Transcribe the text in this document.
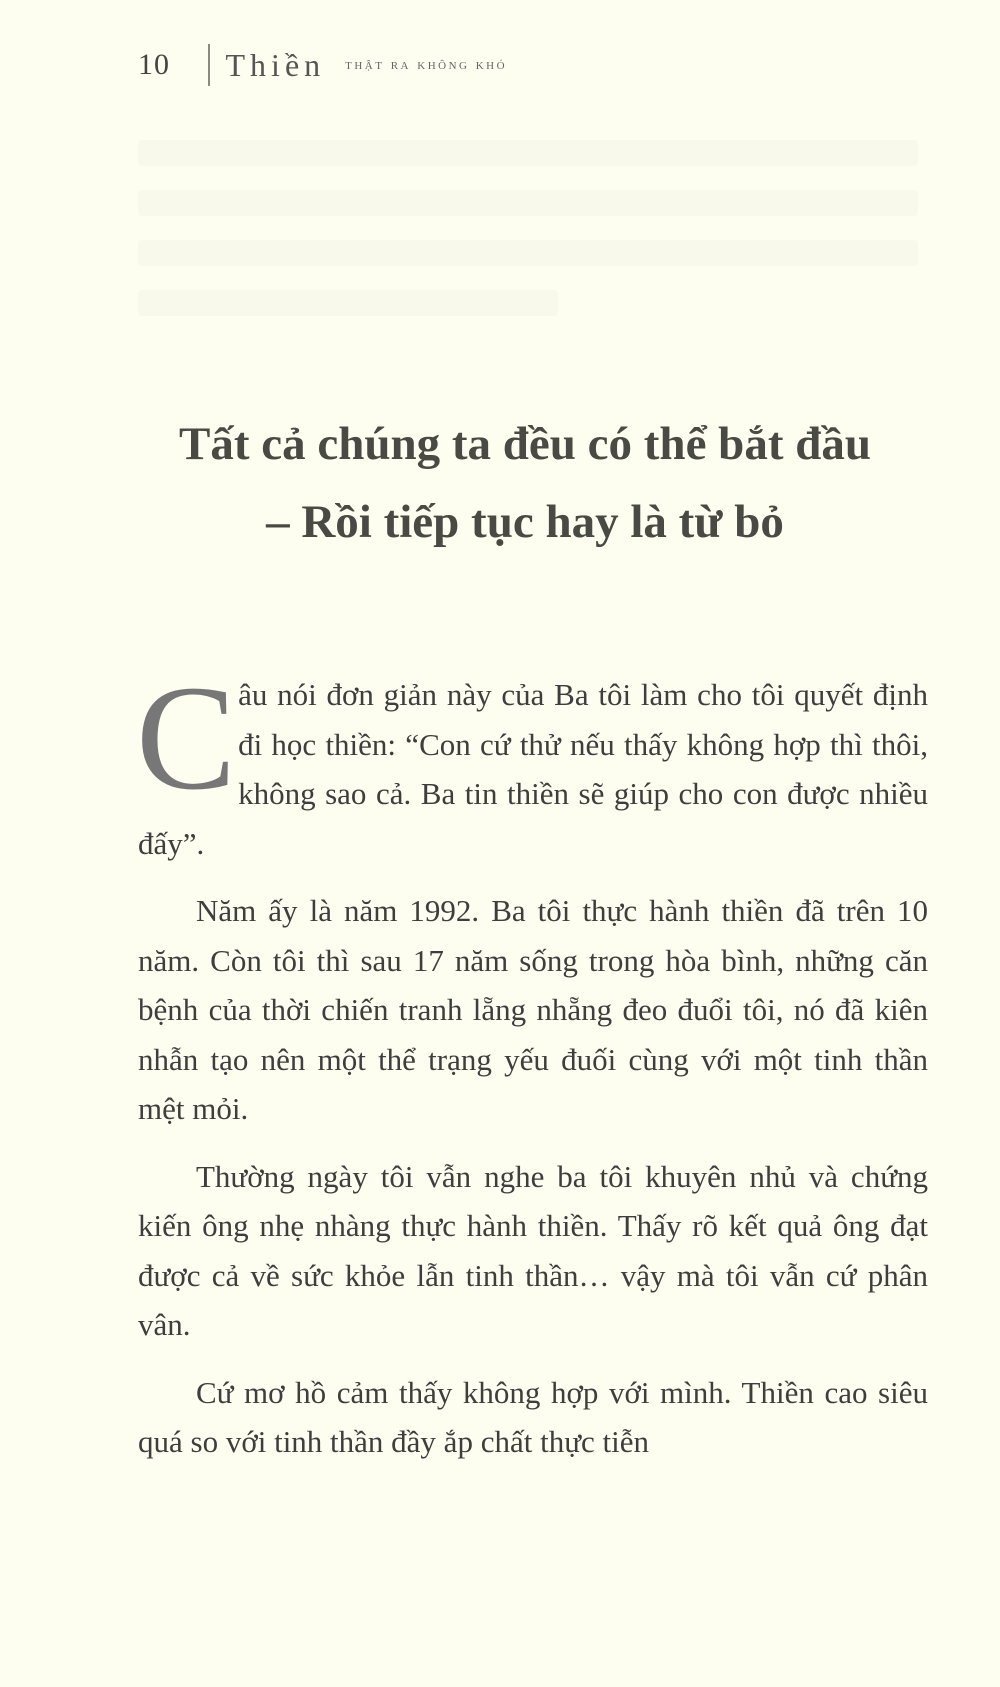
10	Thiền thật ra không khó
Tất cả chúng ta đều có thể bắt đầu
– Rồi tiếp tục hay là từ bỏ

Câu nói đơn giản này của Ba tôi làm cho tôi quyết định đi học thiền: “Con cứ thử nếu thấy không hợp thì thôi, không sao cả. Ba tin thiền sẽ giúp cho con được nhiều đấy”.

Năm ấy là năm 1992. Ba tôi thực hành thiền đã trên 10 năm. Còn tôi thì sau 17 năm sống trong hòa bình, những căn bệnh của thời chiến tranh lẵng nhẵng đeo đuổi tôi, nó đã kiên nhẫn tạo nên một thể trạng yếu đuối cùng với một tinh thần mệt mỏi.

Thường ngày tôi vẫn nghe ba tôi khuyên nhủ và chứng kiến ông nhẹ nhàng thực hành thiền. Thấy rõ kết quả ông đạt được cả về sức khỏe lẫn tinh thần… vậy mà tôi vẫn cứ phân vân.

Cứ mơ hồ cảm thấy không hợp với mình. Thiền cao siêu quá so với tinh thần đầy ắp chất thực tiễn
